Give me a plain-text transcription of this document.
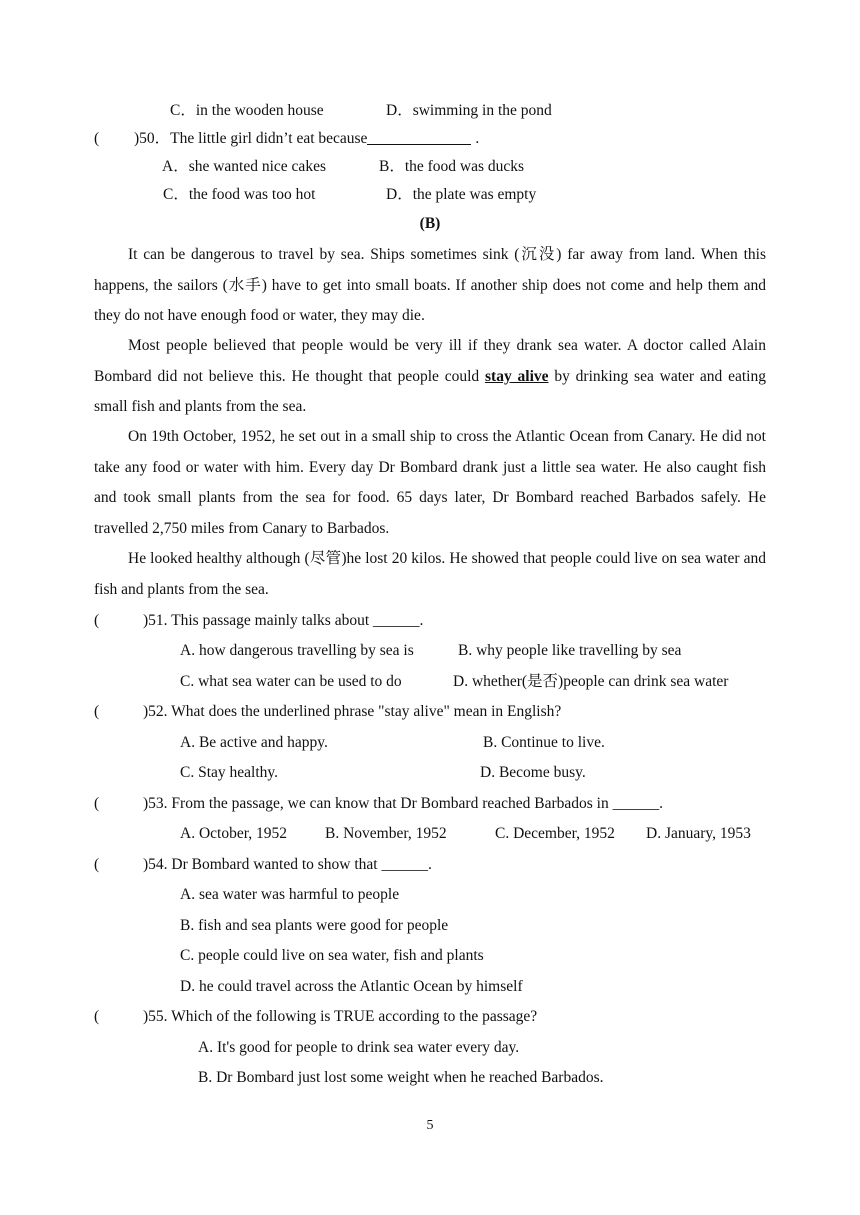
C．in the wooden house	D．swimming in the pond
( )50．The little girl didn’t eat because	.
A．she wanted nice cakes	B．the food was ducks
C．the food was too hot	D．the plate was empty
(B)
It can be dangerous to travel by sea. Ships sometimes sink (沉没) far away from land. When this happens, the sailors (水手) have to get into small boats. If another ship does not come and help them and they do not have enough food or water, they may die.
Most people believed that people would be very ill if they drank sea water. A doctor called Alain Bombard did not believe this. He thought that people could stay alive by drinking sea water and eating small fish and plants from the sea.
On 19th October, 1952, he set out in a small ship to cross the Atlantic Ocean from Canary. He did not take any food or water with him. Every day Dr Bombard drank just a little sea water. He also caught fish and took small plants from the sea for food. 65 days later, Dr Bombard reached Barbados safely. He travelled 2,750 miles from Canary to Barbados.
He looked healthy although (尽管)he lost 20 kilos. He showed that people could live on sea water and fish and plants from the sea.
(	)51. This passage mainly talks about ______.
A. how dangerous travelling by sea is	B. why people like travelling by sea
C. what sea water can be used to do	D. whether(是否)people can drink sea water
(	)52. What does the underlined phrase "stay alive" mean in English?
A. Be active and happy.	B. Continue to live.
C. Stay healthy.	D. Become busy.
(	)53. From the passage, we can know that Dr Bombard reached Barbados in ______.
A. October, 1952 B. November, 1952	C. December, 1952 D. January, 1953
(	)54. Dr Bombard wanted to show that ______.
A. sea water was harmful to people
B. fish and sea plants were good for people
C. people could live on sea water, fish and plants
D. he could travel across the Atlantic Ocean by himself
(	)55. Which of the following is TRUE according to the passage?
A. It's good for people to drink sea water every day.
B. Dr Bombard just lost some weight when he reached Barbados.
5
